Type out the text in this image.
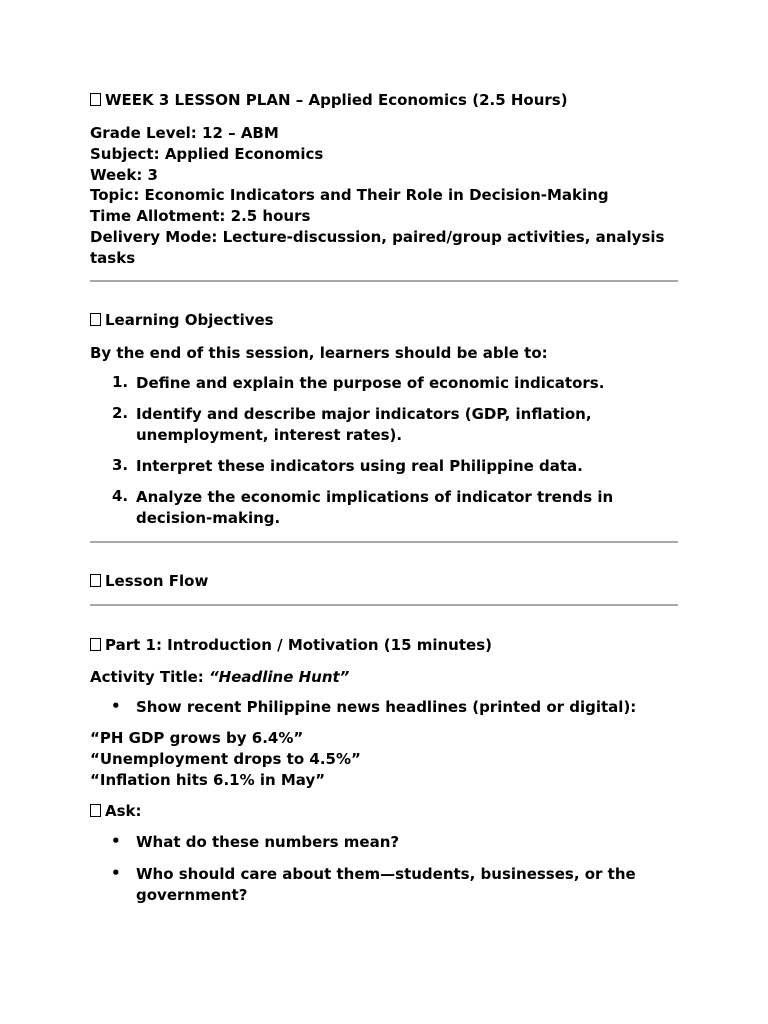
WEEK 3 LESSON PLAN – Applied Economics (2.5 Hours)
Grade Level: 12 – ABM
Subject: Applied Economics
Week: 3
Topic: Economic Indicators and Their Role in Decision-Making
Time Allotment: 2.5 hours
Delivery Mode: Lecture-discussion, paired/group activities, analysis
tasks
Learning Objectives
By the end of this session, learners should be able to:
1. Define and explain the purpose of economic indicators.
2. Identify and describe major indicators (GDP, inflation,
unemployment, interest rates).
3. Interpret these indicators using real Philippine data.
4. Analyze the economic implications of indicator trends in
decision-making.
Lesson Flow
Part 1: Introduction / Motivation (15 minutes)
Activity Title: “Headline Hunt”
• Show recent Philippine news headlines (printed or digital):
“PH GDP grows by 6.4%”
“Unemployment drops to 4.5%”
“Inflation hits 6.1% in May”
Ask:
• What do these numbers mean?
• Who should care about them—students, businesses, or the
government?
